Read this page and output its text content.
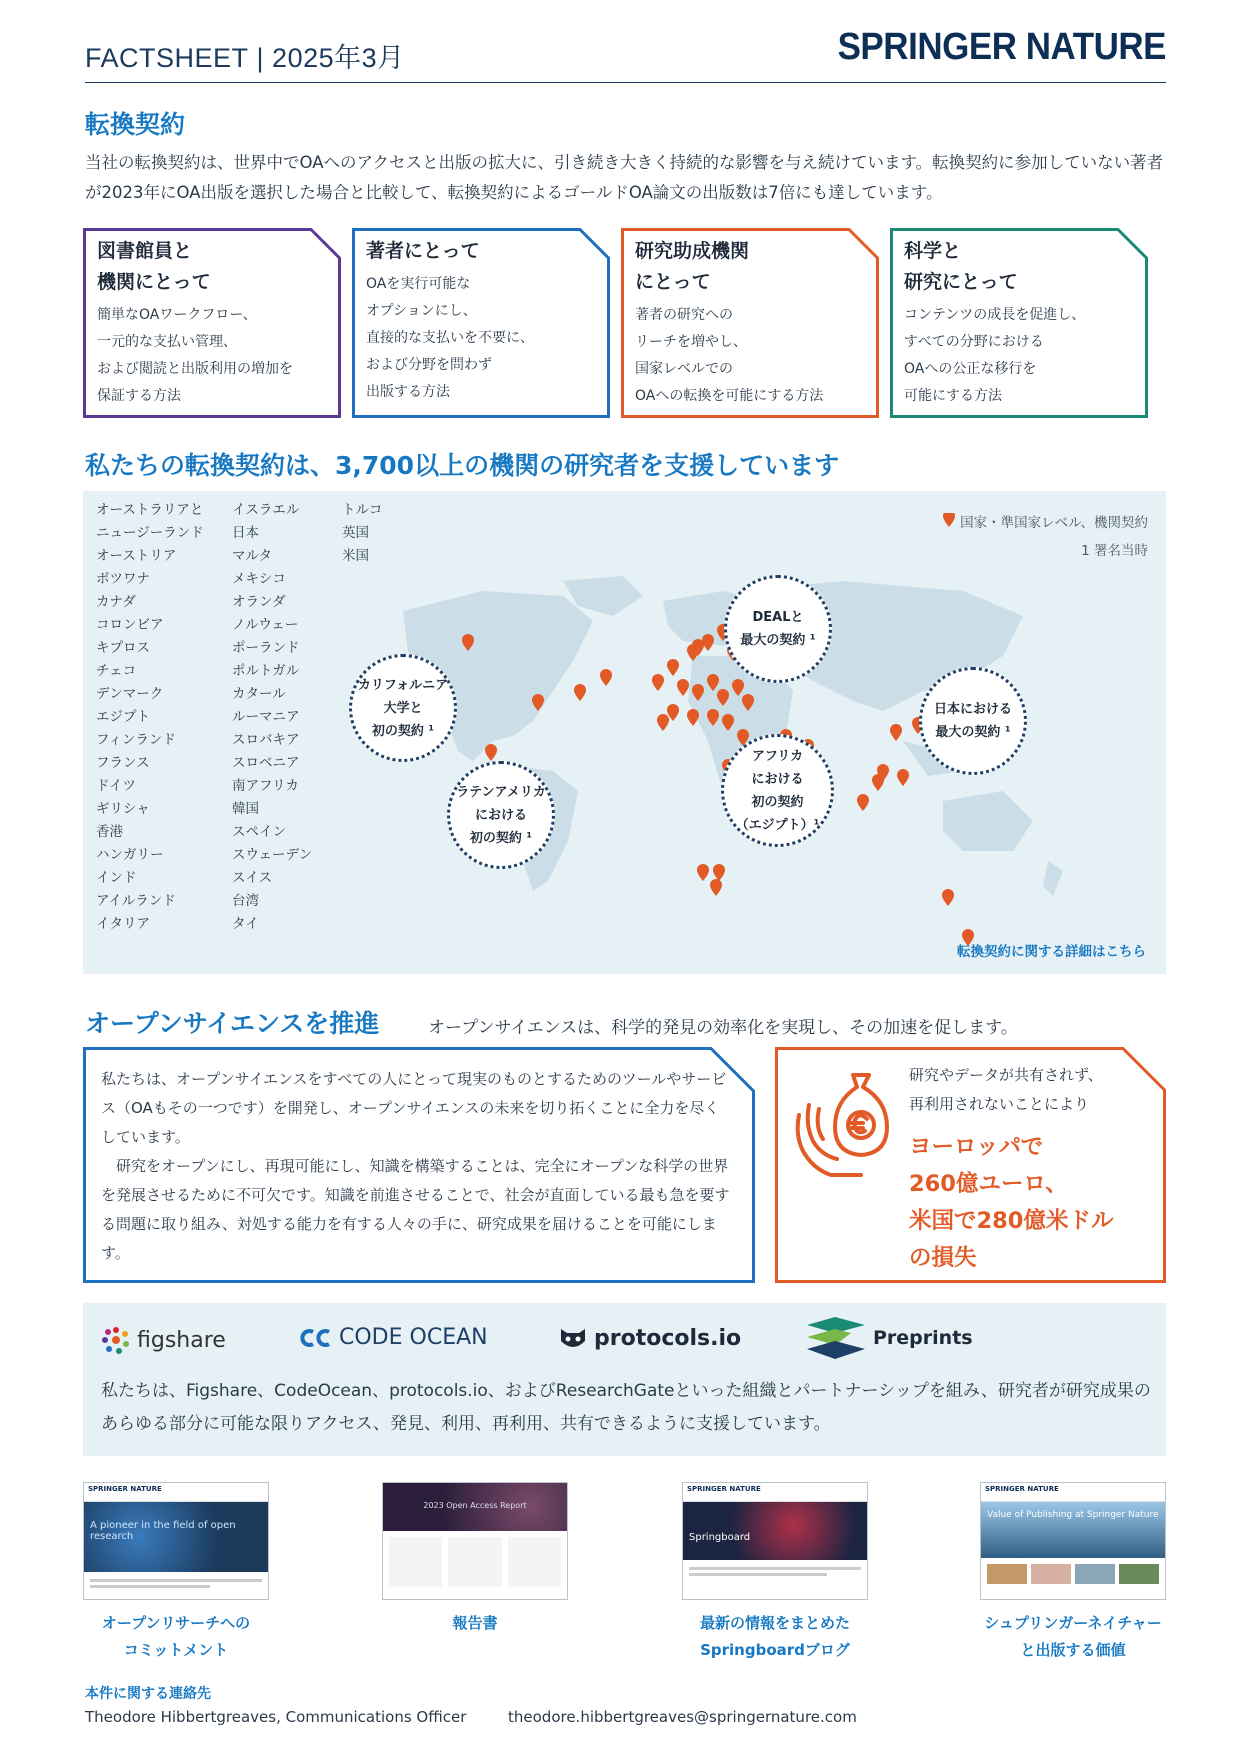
FACTSHEET | 2025年3月	SPRINGER NATURE
転換契約
当社の転換契約は、世界中でOAへのアクセスと出版の拡大に、引き続き大きく持続的な影響を与え続けています。転換契約に参加していない著者が2023年にOA出版を選択した場合と比較して、転換契約によるゴールドOA論文の出版数は7倍にも達しています。
図書館員と
機関にとって
簡単なOAワークフロー、
一元的な支払い管理、
および閲読と出版利用の増加を
保証する方法
著者にとって
OAを実行可能な
オプションにし、
直接的な支払いを不要に、
および分野を問わず
出版する方法
研究助成機関
にとって
著者の研究への
リーチを増やし、
国家レベルでの
OAへの転換を可能にする方法
科学と
研究にとって
コンテンツの成長を促進し、
すべての分野における
OAへの公正な移行を
可能にする方法
私たちの転換契約は、3,700以上の機関の研究者を支援しています
オーストラリアと
ニュージーランド
オーストリア
ボツワナ
カナダ
コロンビア
キプロス
チェコ
デンマーク
エジプト
フィンランド
フランス
ドイツ
ギリシャ
香港
ハンガリー
インド
アイルランド
イタリア
イスラエル
日本
マルタ
メキシコ
オランダ
ノルウェー
ポーランド
ポルトガル
カタール
ルーマニア
スロバキア
スロベニア
南アフリカ
韓国
スペイン
スウェーデン
スイス
台湾
タイ
トルコ
英国
米国
カリフォルニア
大学と
初の契約 ¹
ラテンアメリカ
における
初の契約 ¹
DEALと
最大の契約 ¹
アフリカ
における
初の契約
（エジプト）¹
日本における
最大の契約 ¹
国家・準国家レベル、機関契約
1 署名当時
転換契約に関する詳細はこちら
オープンサイエンスを推進	オープンサイエンスは、科学的発見の効率化を実現し、その加速を促します。
私たちは、オープンサイエンスをすべての人にとって現実のものとするためのツールやサービス（OAもその一つです）を開発し、オープンサイエンスの未来を切り拓くことに全力を尽くしています。
研究をオープンにし、再現可能にし、知識を構築することは、完全にオープンな科学の世界を発展させるために不可欠です。知識を前進させることで、社会が直面している最も急を要する問題に取り組み、対処する能力を有する人々の手に、研究成果を届けることを可能にします。
研究やデータが共有されず、
再利用されないことにより
ヨーロッパで
260億ユーロ、
米国で280億米ドル
の損失
figshare	CODE OCEAN	protocols.io	Preprints
私たちは、Figshare、CodeOcean、protocols.io、およびResearchGateといった組織とパートナーシップを組み、研究者が研究成果のあらゆる部分に可能な限りアクセス、発見、利用、再利用、共有できるように支援しています。
SPRINGER NATURE
A pioneer in the field of open research
2023 Open Access Report
SPRINGER NATURE
Springboard
SPRINGER NATURE
Value of Publishing at Springer Nature
オープンリサーチへの
コミットメント
報告書	最新の情報をまとめた
Springboardブログ
シュプリンガーネイチャー
と出版する価値
本件に関する連絡先
Theodore Hibbertgreaves, Communications Officer	theodore.hibbertgreaves@springernature.com
